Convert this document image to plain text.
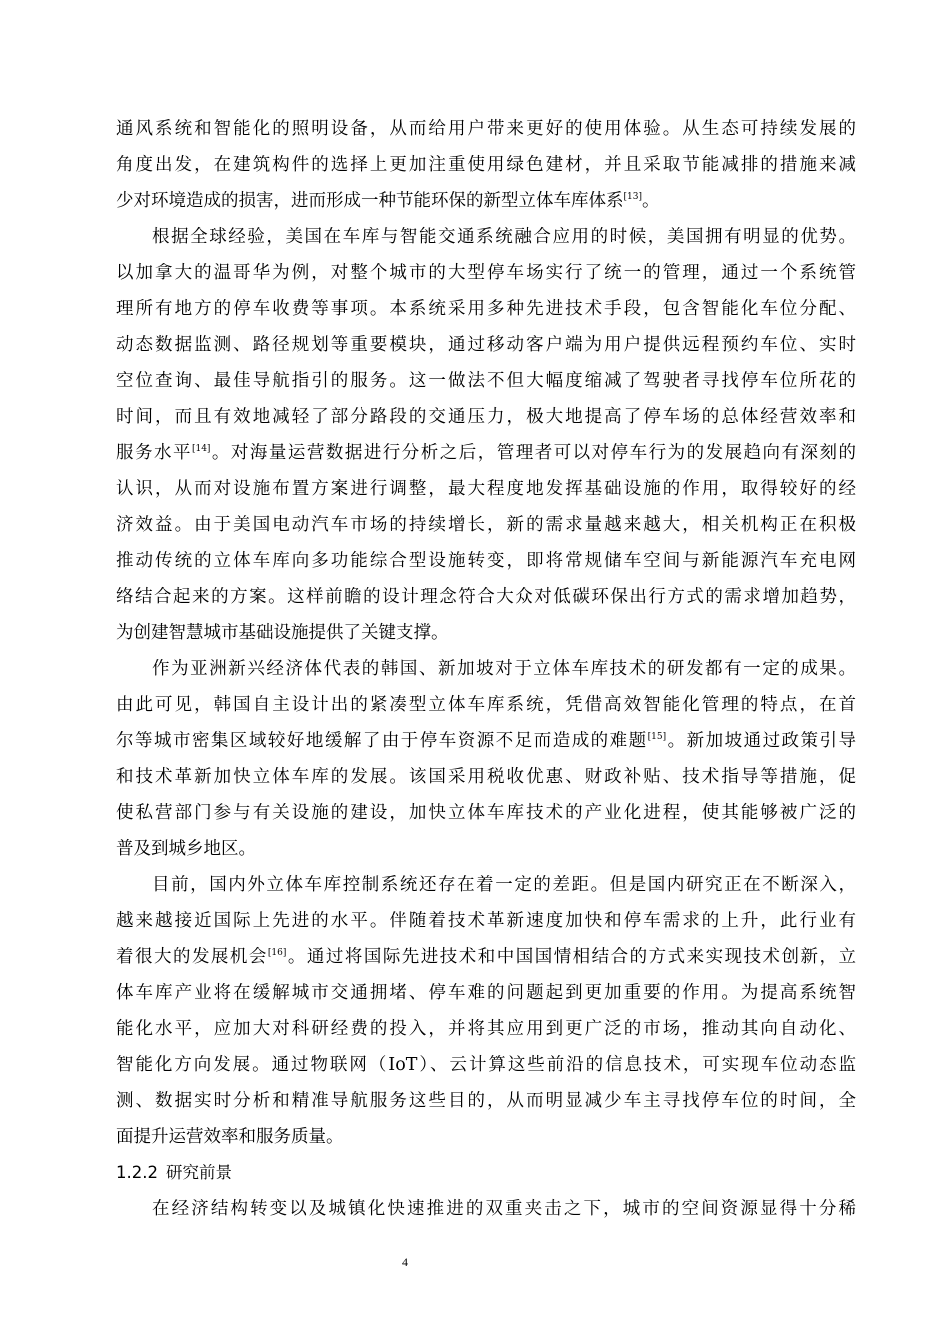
通风系统和智能化的照明设备，从而给用户带来更好的使用体验。从生态可持续发展的
角度出发，在建筑构件的选择上更加注重使用绿色建材，并且采取节能减排的措施来减
少对环境造成的损害，进而形成一种节能环保的新型立体车库体系[13]。
根据全球经验，美国在车库与智能交通系统融合应用的时候，美国拥有明显的优势。
以加拿大的温哥华为例，对整个城市的大型停车场实行了统一的管理，通过一个系统管
理所有地方的停车收费等事项。本系统采用多种先进技术手段，包含智能化车位分配、
动态数据监测、路径规划等重要模块，通过移动客户端为用户提供远程预约车位、实时
空位查询、最佳导航指引的服务。这一做法不但大幅度缩减了驾驶者寻找停车位所花的
时间，而且有效地减轻了部分路段的交通压力，极大地提高了停车场的总体经营效率和
服务水平[14]。对海量运营数据进行分析之后，管理者可以对停车行为的发展趋向有深刻的
认识，从而对设施布置方案进行调整，最大程度地发挥基础设施的作用，取得较好的经
济效益。由于美国电动汽车市场的持续增长，新的需求量越来越大，相关机构正在积极
推动传统的立体车库向多功能综合型设施转变，即将常规储车空间与新能源汽车充电网
络结合起来的方案。这样前瞻的设计理念符合大众对低碳环保出行方式的需求增加趋势，
为创建智慧城市基础设施提供了关键支撑。
作为亚洲新兴经济体代表的韩国、新加坡对于立体车库技术的研发都有一定的成果。
由此可见，韩国自主设计出的紧凑型立体车库系统，凭借高效智能化管理的特点，在首
尔等城市密集区域较好地缓解了由于停车资源不足而造成的难题[15]。新加坡通过政策引导
和技术革新加快立体车库的发展。该国采用税收优惠、财政补贴、技术指导等措施，促
使私营部门参与有关设施的建设，加快立体车库技术的产业化进程，使其能够被广泛的
普及到城乡地区。
目前，国内外立体车库控制系统还存在着一定的差距。但是国内研究正在不断深入，
越来越接近国际上先进的水平。伴随着技术革新速度加快和停车需求的上升，此行业有
着很大的发展机会[16]。通过将国际先进技术和中国国情相结合的方式来实现技术创新，立
体车库产业将在缓解城市交通拥堵、停车难的问题起到更加重要的作用。为提高系统智
能化水平，应加大对科研经费的投入，并将其应用到更广泛的市场，推动其向自动化、
智能化方向发展。通过物联网（IoT）、云计算这些前沿的信息技术，可实现车位动态监
测、数据实时分析和精准导航服务这些目的，从而明显减少车主寻找停车位的时间，全
面提升运营效率和服务质量。
1.2.2 研究前景
在经济结构转变以及城镇化快速推进的双重夹击之下，城市的空间资源显得十分稀
4
